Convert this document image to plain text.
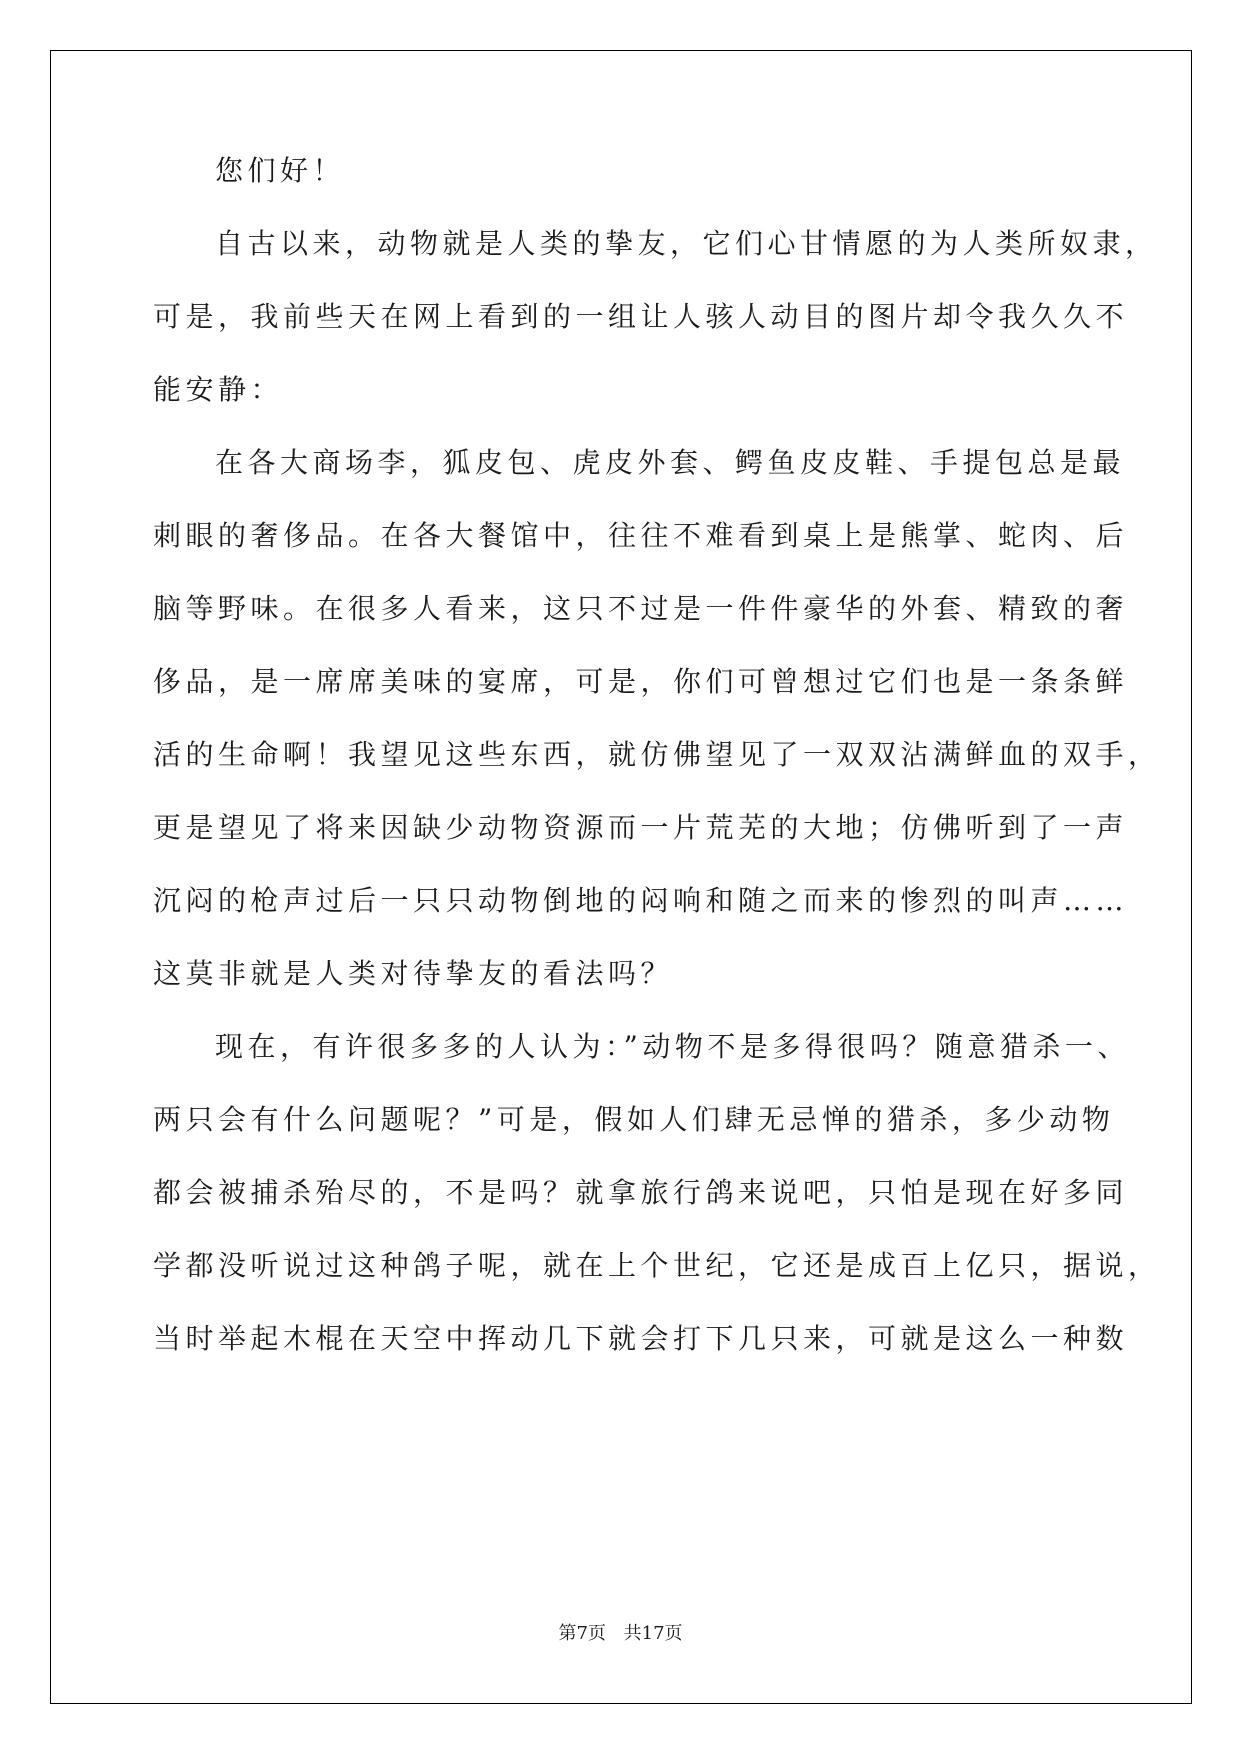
您们好！
自古以来，动物就是人类的挚友，它们心甘情愿的为人类所奴隶，
可是，我前些天在网上看到的一组让人骇人动目的图片却令我久久不
能安静：
在各大商场李，狐皮包、虎皮外套、鳄鱼皮皮鞋、手提包总是最
刺眼的奢侈品。在各大餐馆中，往往不难看到桌上是熊掌、蛇肉、后
脑等野味。在很多人看来，这只不过是一件件豪华的外套、精致的奢
侈品，是一席席美味的宴席，可是，你们可曾想过它们也是一条条鲜
活的生命啊！我望见这些东西，就仿佛望见了一双双沾满鲜血的双手，
更是望见了将来因缺少动物资源而一片荒芜的大地；仿佛听到了一声
沉闷的枪声过后一只只动物倒地的闷响和随之而来的惨烈的叫声……
这莫非就是人类对待挚友的看法吗？
现在，有许很多多的人认为：”动物不是多得很吗？随意猎杀一、
两只会有什么问题呢？”可是，假如人们肆无忌惮的猎杀，多少动物
都会被捕杀殆尽的，不是吗？就拿旅行鸽来说吧，只怕是现在好多同
学都没听说过这种鸽子呢，就在上个世纪，它还是成百上亿只，据说，
当时举起木棍在天空中挥动几下就会打下几只来，可就是这么一种数
第7页 共17页
